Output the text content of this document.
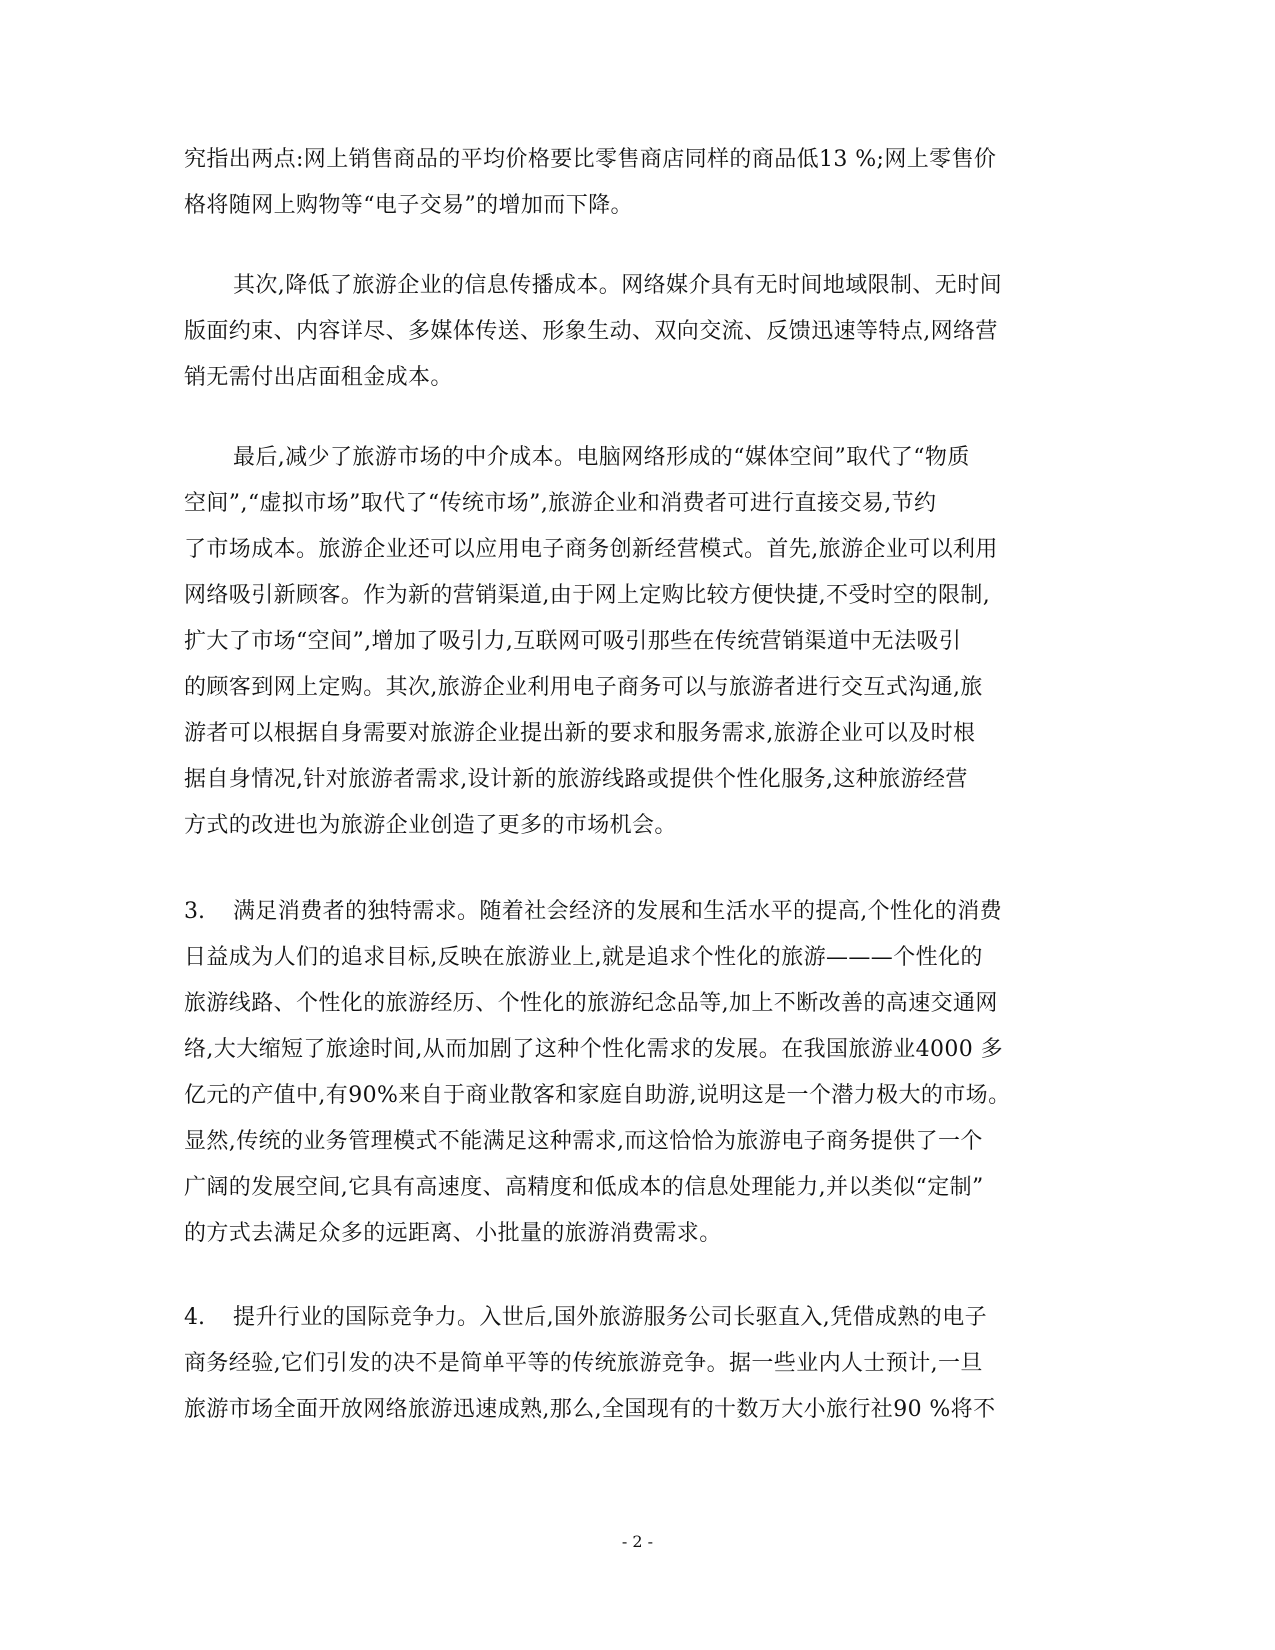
究指出两点:网上销售商品的平均价格要比零售商店同样的商品低13 %;网上零售价
格将随网上购物等“电子交易”的增加而下降。
其次,降低了旅游企业的信息传播成本。网络媒介具有无时间地域限制、无时间
版面约束、内容详尽、多媒体传送、形象生动、双向交流、反馈迅速等特点,网络营
销无需付出店面租金成本。
最后,减少了旅游市场的中介成本。电脑网络形成的“媒体空间”取代了“物质
空间”,“虚拟市场”取代了“传统市场”,旅游企业和消费者可进行直接交易,节约
了市场成本。旅游企业还可以应用电子商务创新经营模式。首先,旅游企业可以利用
网络吸引新顾客。作为新的营销渠道,由于网上定购比较方便快捷,不受时空的限制,
扩大了市场“空间”,增加了吸引力,互联网可吸引那些在传统营销渠道中无法吸引
的顾客到网上定购。其次,旅游企业利用电子商务可以与旅游者进行交互式沟通,旅
游者可以根据自身需要对旅游企业提出新的要求和服务需求,旅游企业可以及时根
据自身情况,针对旅游者需求,设计新的旅游线路或提供个性化服务,这种旅游经营
方式的改进也为旅游企业创造了更多的市场机会。
3. 满足消费者的独特需求。随着社会经济的发展和生活水平的提高,个性化的消费
日益成为人们的追求目标,反映在旅游业上,就是追求个性化的旅游———个性化的
旅游线路、个性化的旅游经历、个性化的旅游纪念品等,加上不断改善的高速交通网
络,大大缩短了旅途时间,从而加剧了这种个性化需求的发展。在我国旅游业4000 多
亿元的产值中,有90%来自于商业散客和家庭自助游,说明这是一个潜力极大的市场。
显然,传统的业务管理模式不能满足这种需求,而这恰恰为旅游电子商务提供了一个
广阔的发展空间,它具有高速度、高精度和低成本的信息处理能力,并以类似“定制”
的方式去满足众多的远距离、小批量的旅游消费需求。
4. 提升行业的国际竞争力。入世后,国外旅游服务公司长驱直入,凭借成熟的电子
商务经验,它们引发的决不是简单平等的传统旅游竞争。据一些业内人士预计,一旦
旅游市场全面开放网络旅游迅速成熟,那么,全国现有的十数万大小旅行社90 %将不
- 2 -
